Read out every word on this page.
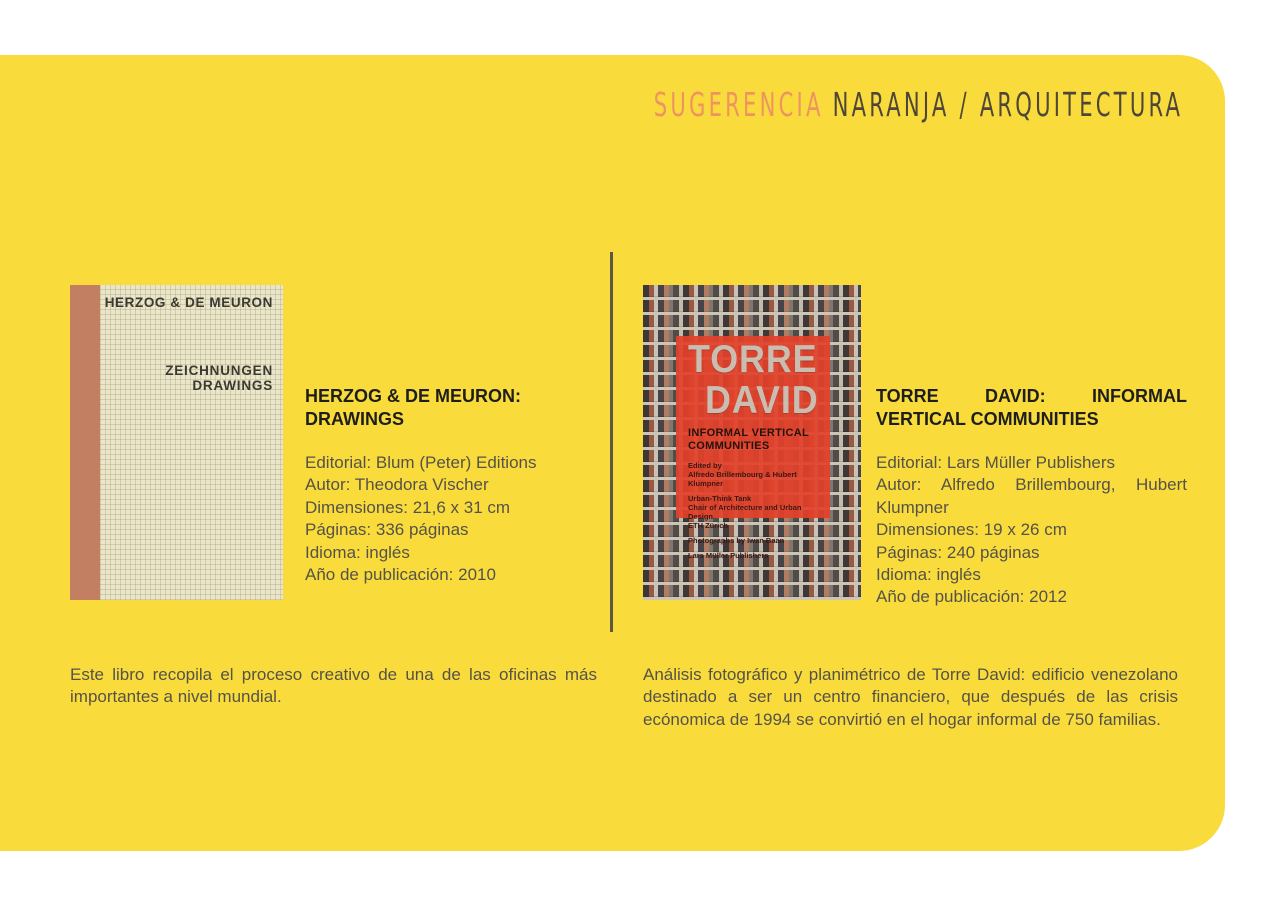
SUGERENCIA NARANJA / ARQUITECTURA
HERZOG & DE MEURON
ZEICHNUNGEN DRAWINGS
HERZOG & DE MEURON:
DRAWINGS
Editorial: Blum (Peter) Editions
Autor: Theodora Vischer
Dimensiones: 21,6 x 31 cm
Páginas: 336 páginas
Idioma: inglés
Año de publicación: 2010
TORRE
DAVID
INFORMAL VERTICAL COMMUNITIES
Edited by
Alfredo Brillembourg & Hubert Klumpner
Urban-Think Tank
Chair of Architecture and Urban Design
ETH Zürich
Photographs by Iwan Baan
Lars Müller Publishers
TORRE DAVID: INFORMAL
VERTICAL COMMUNITIES
Editorial: Lars Müller Publishers
Autor: Alfredo Brillembourg, Hubert Klumpner
Dimensiones: 19 x 26 cm
Páginas: 240 páginas
Idioma: inglés
Año de publicación: 2012
Este libro recopila el proceso creativo de una de las oficinas más importantes a nivel mundial.
Análisis fotográfico y planimétrico de Torre David: edificio venezolano destinado a ser un centro financiero, que después de las crisis ecónomica de 1994 se convirtió en el hogar informal de 750 familias.
